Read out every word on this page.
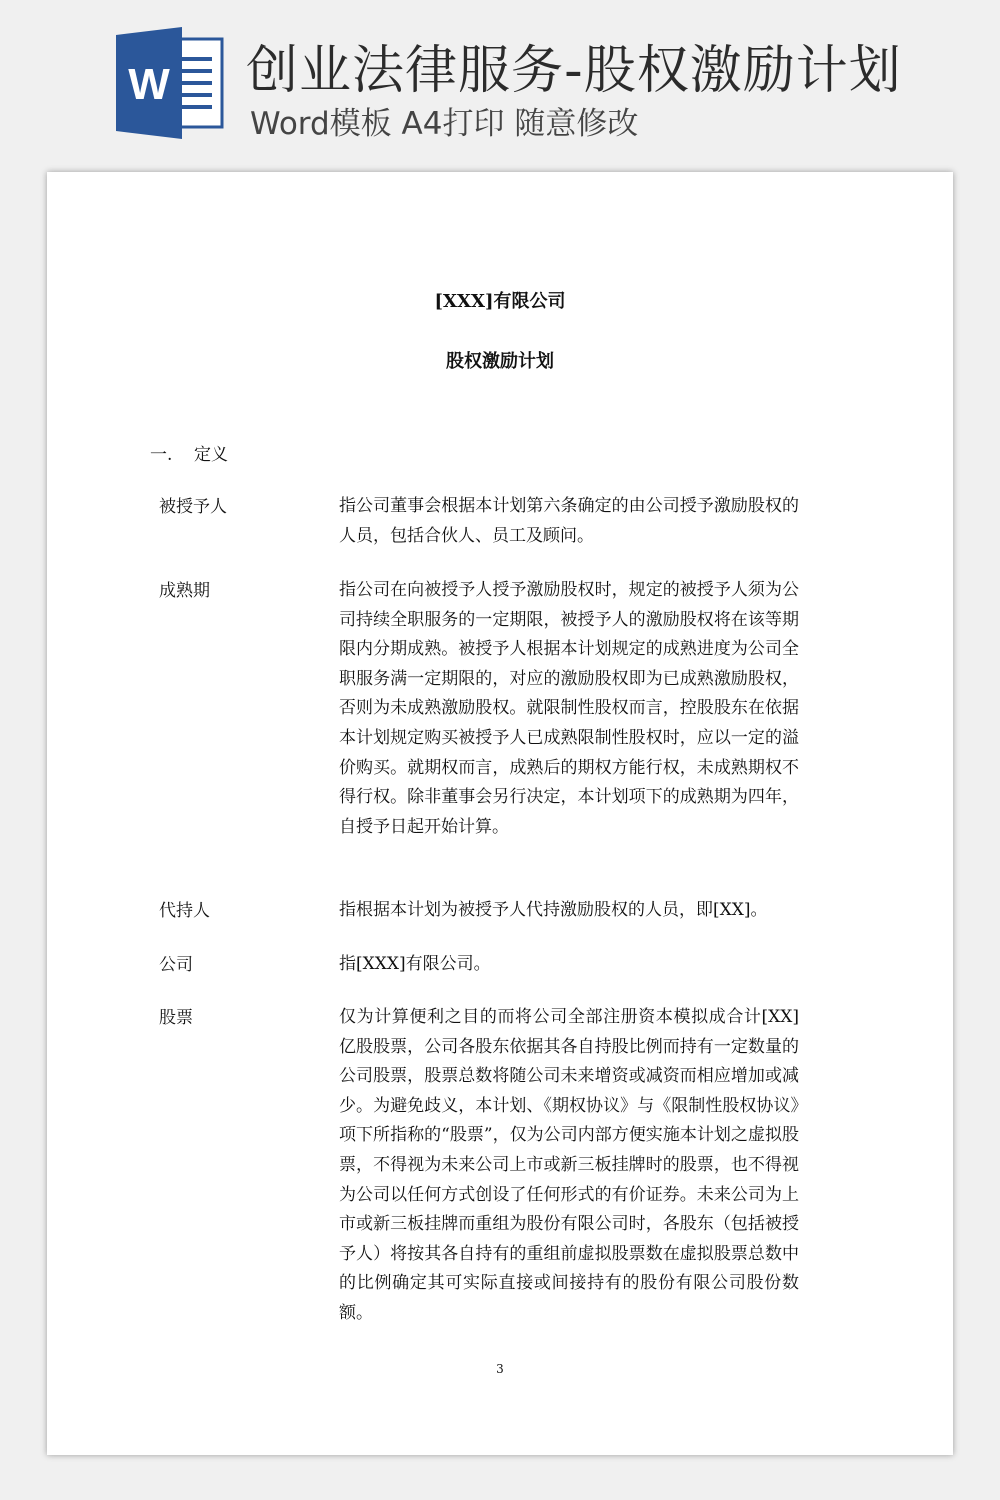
W 创业法律服务-股权激励计划
Word模板 A4打印 随意修改
[XXX]有限公司
股权激励计划
一. 定义
被授予人	指公司董事会根据本计划第六条确定的由公司授予激励股权的人员，包括合伙人、员工及顾问。
成熟期	指公司在向被授予人授予激励股权时，规定的被授予人须为公司持续全职服务的一定期限，被授予人的激励股权将在该等期限内分期成熟。被授予人根据本计划规定的成熟进度为公司全职服务满一定期限的，对应的激励股权即为已成熟激励股权，否则为未成熟激励股权。就限制性股权而言，控股股东在依据本计划规定购买被授予人已成熟限制性股权时，应以一定的溢价购买。就期权而言，成熟后的期权方能行权，未成熟期权不得行权。除非董事会另行决定，本计划项下的成熟期为四年，自授予日起开始计算。
代持人	指根据本计划为被授予人代持激励股权的人员，即[XX]。
公司	指[XXX]有限公司。
股票	仅为计算便利之目的而将公司全部注册资本模拟成合计[XX]亿股股票，公司各股东依据其各自持股比例而持有一定数量的公司股票，股票总数将随公司未来增资或减资而相应增加或减少。为避免歧义，本计划、《期权协议》与《限制性股权协议》项下所指称的“股票”，仅为公司内部方便实施本计划之虚拟股票，不得视为未来公司上市或新三板挂牌时的股票，也不得视为公司以任何方式创设了任何形式的有价证券。未来公司为上市或新三板挂牌而重组为股份有限公司时，各股东（包括被授予人）将按其各自持有的重组前虚拟股票数在虚拟股票总数中的比例确定其可实际直接或间接持有的股份有限公司股份数额。
3
